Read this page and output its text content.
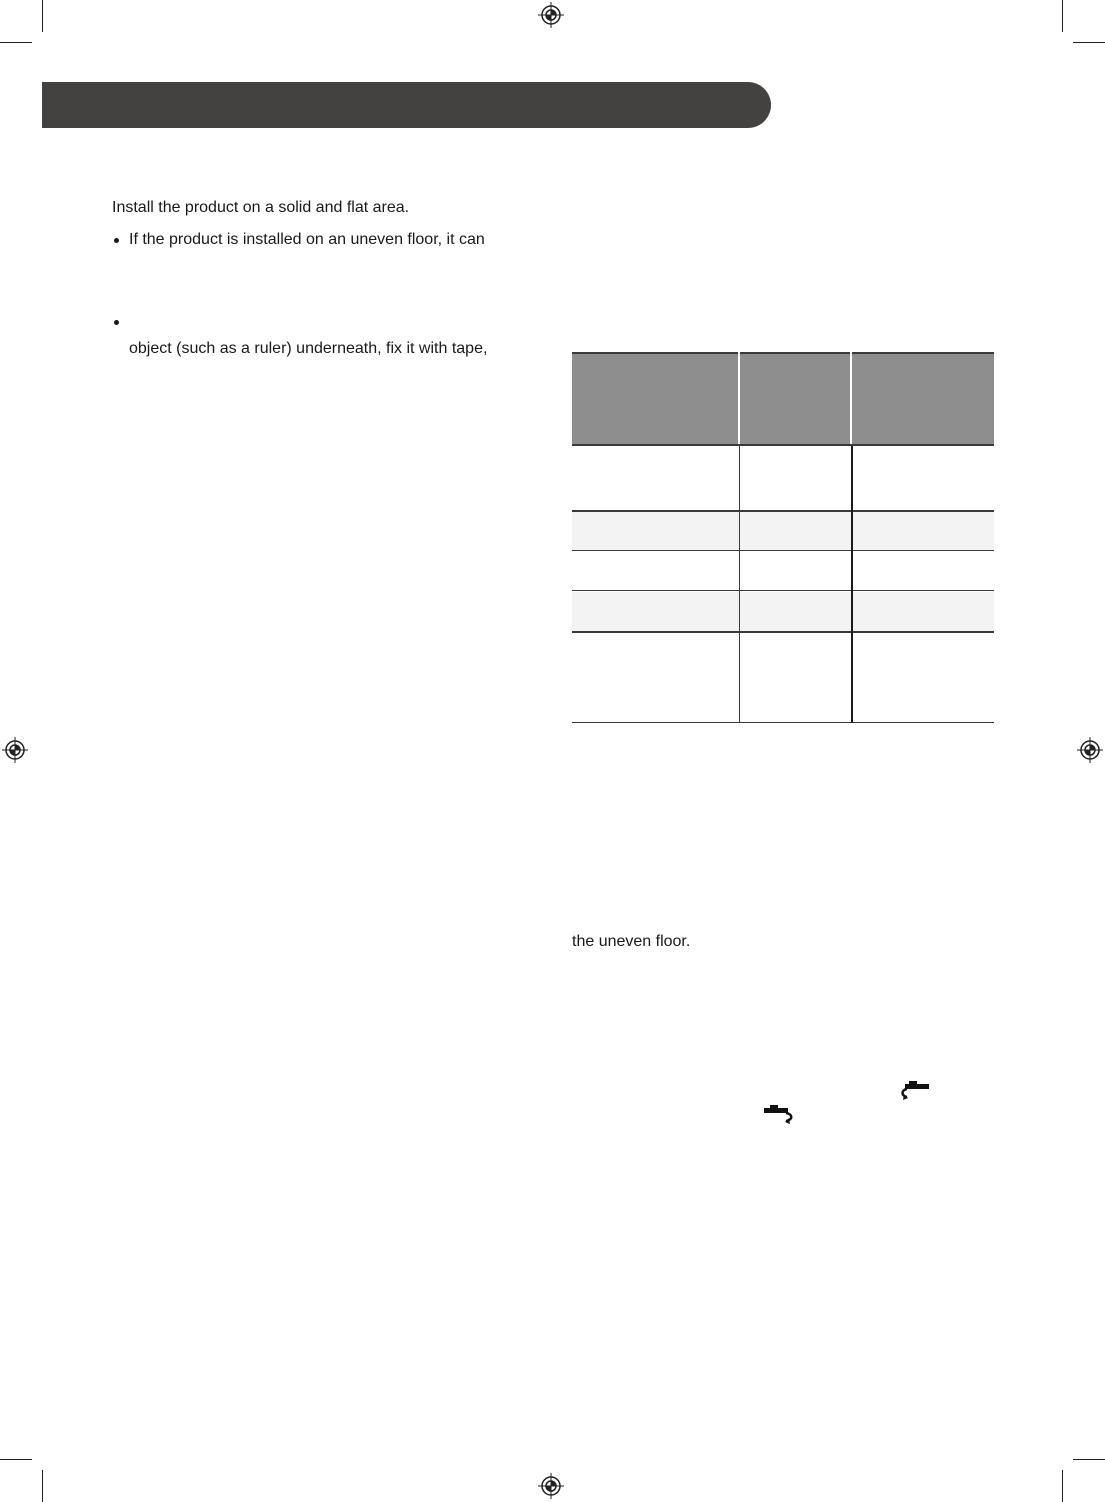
Install the product on a solid and flat area.
If the product is installed on an uneven floor, it can
object (such as a ruler) underneath, fix it with tape,
the uneven floor.
